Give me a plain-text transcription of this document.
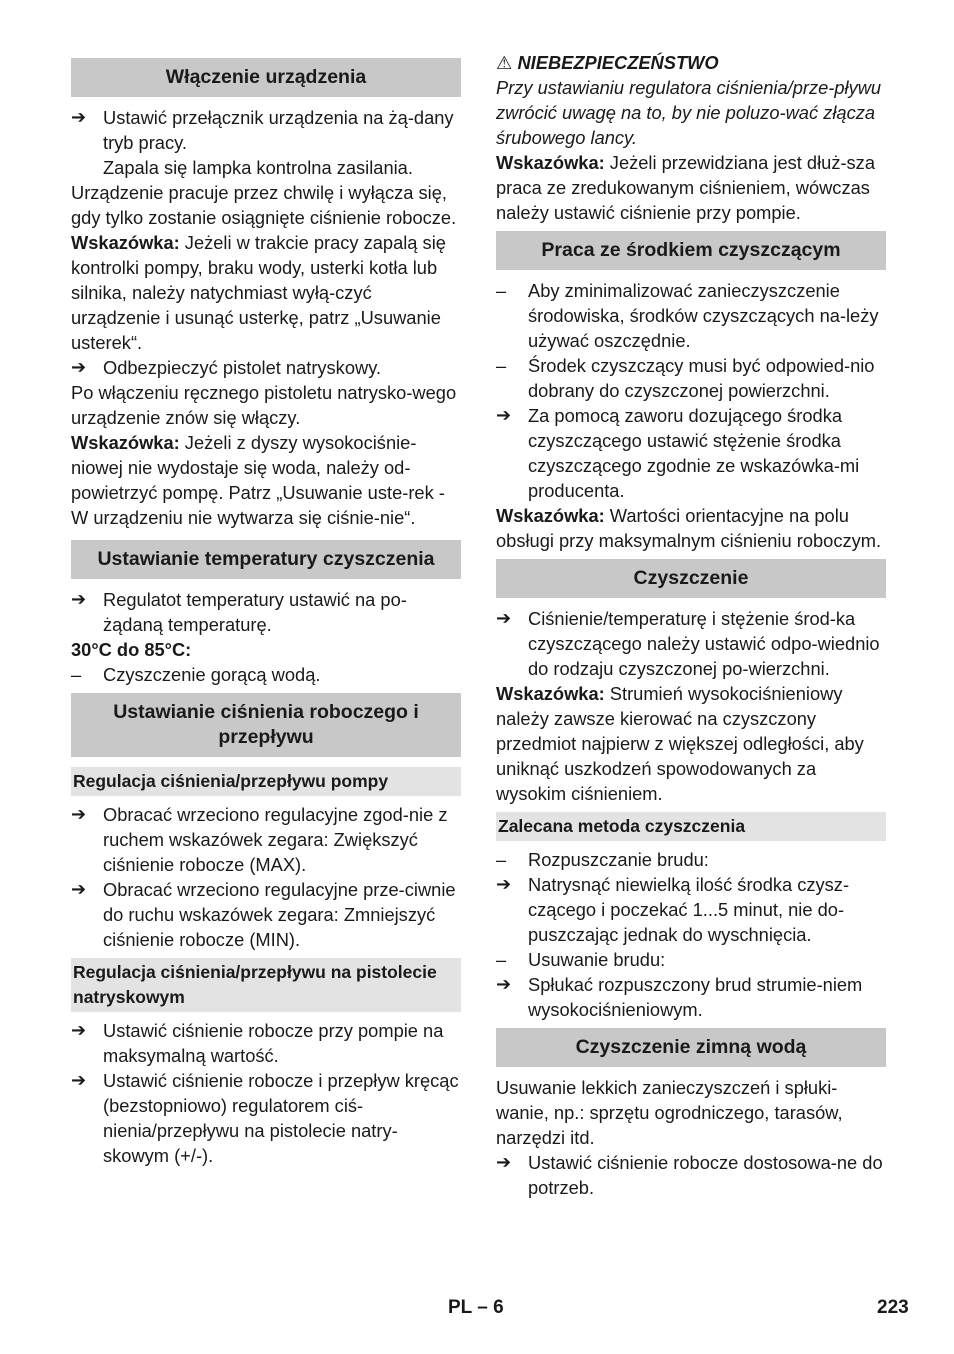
Włączenie urządzenia
➔ Ustawić przełącznik urządzenia na żą-dany tryb pracy.

Zapala się lampka kontrolna zasilania.

Urządzenie pracuje przez chwilę i wyłącza się, gdy tylko zostanie osiągnięte ciśnienie robocze.

Wskazówka: Jeżeli w trakcie pracy zapalą się kontrolki pompy, braku wody, usterki kotła lub silnika, należy natychmiast wyłą-czyć urządzenie i usunąć usterkę, patrz „Usuwanie usterek“.

➔ Odbezpieczyć pistolet natryskowy.

Po włączeniu ręcznego pistoletu natrysko-wego urządzenie znów się włączy.

Wskazówka: Jeżeli z dyszy wysokociśnie-niowej nie wydostaje się woda, należy od-powietrzyć pompę. Patrz „Usuwanie uste-rek - W urządzeniu nie wytwarza się ciśnie-nie“.

Ustawianie temperatury czyszczenia
➔ Regulatot temperatury ustawić na po-żądaną temperaturę.

30°C do 85°C:

–	Czyszczenie gorącą wodą.
Ustawianie ciśnienia roboczego i przepływu
Regulacja ciśnienia/przepływu pompy
➔ Obracać wrzeciono regulacyjne zgod-nie z ruchem wskazówek zegara: Zwiększyć ciśnienie robocze (MAX).
➔ Obracać wrzeciono regulacyjne prze-ciwnie do ruchu wskazówek zegara: Zmniejszyć ciśnienie robocze (MIN).
Regulacja ciśnienia/przepływu na pistolecie natryskowym
➔ Ustawić ciśnienie robocze przy pompie na maksymalną wartość.
➔ Ustawić ciśnienie robocze i przepływ kręcąc (bezstopniowo) regulatorem ciś-nienia/przepływu na pistolecie natry-skowym (+/-).

⚠ NIEBEZPIECZEŃSTWO

Przy ustawianiu regulatora ciśnienia/prze-pływu zwrócić uwagę na to, by nie poluzo-wać złącza śrubowego lancy.

Wskazówka: Jeżeli przewidziana jest dłuż-sza praca ze zredukowanym ciśnieniem, wówczas należy ustawić ciśnienie przy pompie.

Praca ze środkiem czyszczącym
–	Aby zminimalizować zanieczyszczenie środowiska, środków czyszczących na-leży używać oszczędnie.
–	Środek czyszczący musi być odpowied-nio dobrany do czyszczonej powierzchni.
➔ Za pomocą zaworu dozującego środka czyszczącego ustawić stężenie środka czyszczącego zgodnie ze wskazówka-mi producenta.

Wskazówka: Wartości orientacyjne na polu obsługi przy maksymalnym ciśnieniu roboczym.

Czyszczenie
➔ Ciśnienie/temperaturę i stężenie środ-ka czyszczącego należy ustawić odpo-wiednio do rodzaju czyszczonej po-wierzchni.

Wskazówka: Strumień wysokociśnieniowy należy zawsze kierować na czyszczony przedmiot najpierw z większej odległości, aby uniknąć uszkodzeń spowodowanych za wysokim ciśnieniem.

Zalecana metoda czyszczenia
–	Rozpuszczanie brudu:
➔ Natrysnąć niewielką ilość środka czysz-czącego i poczekać 1...5 minut, nie do-puszczając jednak do wyschnięcia.
–	Usuwanie brudu:
➔ Spłukać rozpuszczony brud strumie-niem wysokociśnieniowym.
Czyszczenie zimną wodą

Usuwanie lekkich zanieczyszczeń i spłuki-wanie, np.: sprzętu ogrodniczego, tarasów, narzędzi itd.

➔ Ustawić ciśnienie robocze dostosowa-ne do potrzeb.
PL – 6	223
